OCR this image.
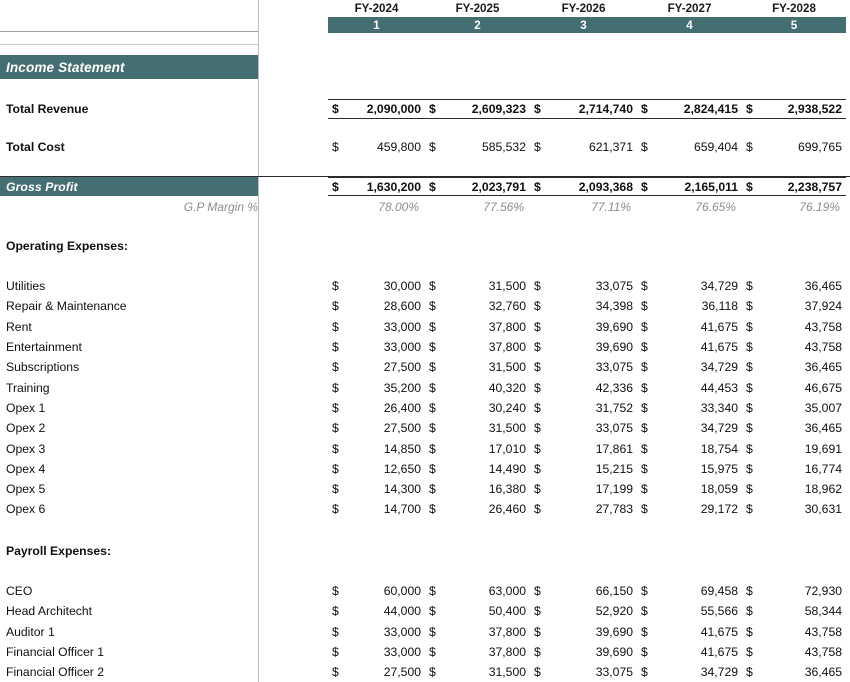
Income Statement
Total Revenue	$ 2,090,000 $	2,609,323 $	2,714,740 $	2,824,415 $	2,938,522
Total Cost	$	459,800 $	585,532 $	621,371 $	659,404 $	699,765
Gross Profit	$ 1,630,200 $	2,023,791 $	2,093,368 $	2,165,011 $	2,238,757
G.P Margin %	78.00%	77.56%	77.11%	76.65%	76.19%
Operating Expenses:
Utilities	$	30,000 $	31,500 $	33,075 $	34,729 $	36,465
Repair & Maintenance	$	28,600 $	32,760 $	34,398 $	36,118 $	37,924
Rent	$	33,000 $	37,800 $	39,690 $	41,675 $	43,758
Entertainment	$	33,000 $	37,800 $	39,690 $	41,675 $	43,758
Subscriptions	$	27,500 $	31,500 $	33,075 $	34,729 $	36,465
Training	$	35,200 $	40,320 $	42,336 $	44,453 $	46,675
Opex 1	$	26,400 $	30,240 $	31,752 $	33,340 $	35,007
Opex 2	$	27,500 $	31,500 $	33,075 $	34,729 $	36,465
Opex 3	$	14,850 $	17,010 $	17,861 $	18,754 $	19,691
Opex 4	$	12,650 $	14,490 $	15,215 $	15,975 $	16,774
Opex 5	$	14,300 $	16,380 $	17,199 $	18,059 $	18,962
Opex 6	$	14,700 $	26,460 $	27,783 $	29,172 $	30,631
Payroll Expenses:
CEO	$	60,000 $	63,000 $	66,150 $	69,458 $	72,930
Head Architecht	$	44,000 $	50,400 $	52,920 $	55,566 $	58,344
Auditor 1	$	33,000 $	37,800 $	39,690 $	41,675 $	43,758
Financial Officer 1	$	33,000 $	37,800 $	39,690 $	41,675 $	43,758
Financial Officer 2	$	27,500 $	31,500 $	33,075 $	34,729 $	36,465
FY-2024	FY-2025	FY-2026	FY-2027	FY-2028
1	2	3	4	5
